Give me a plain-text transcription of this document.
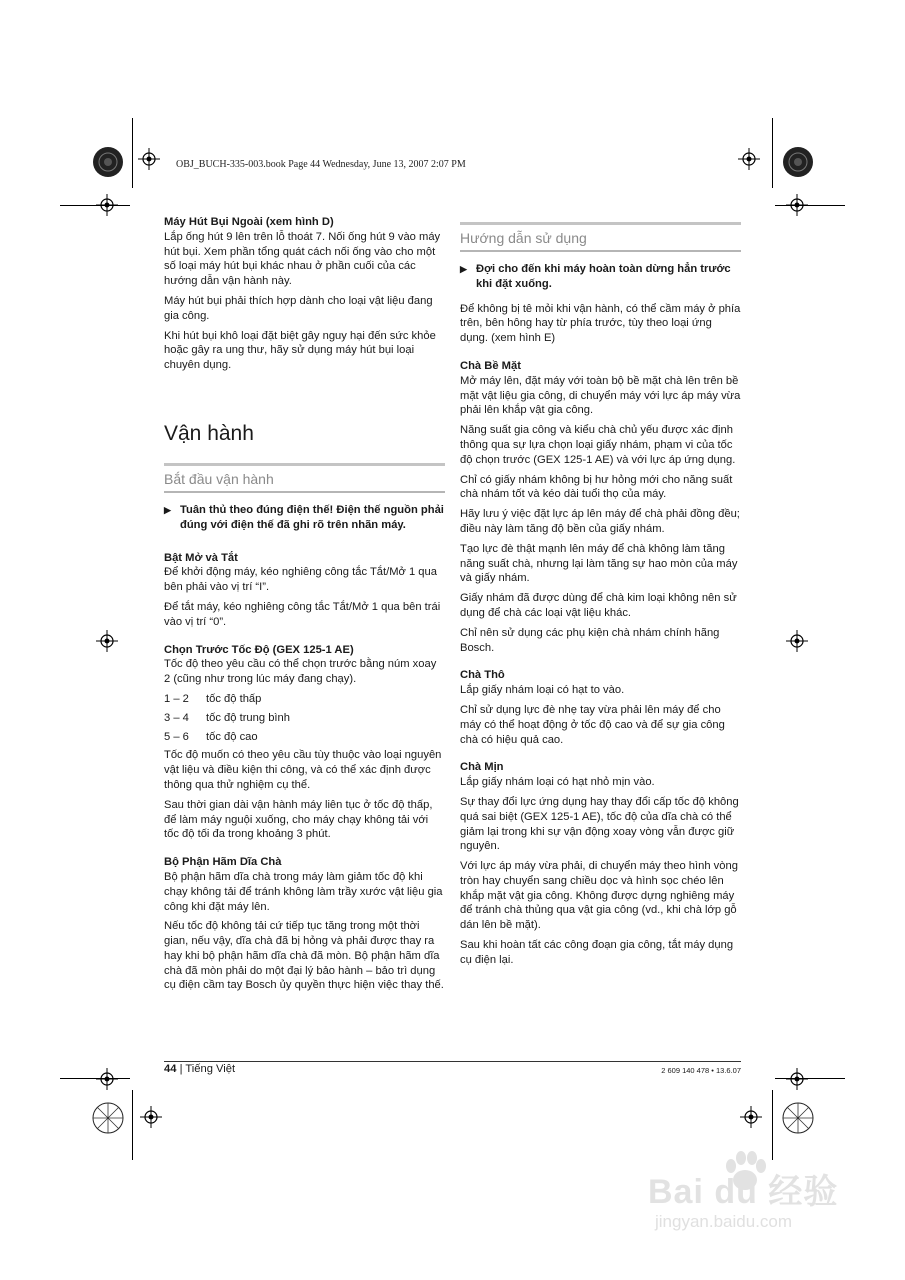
OBJ_BUCH-335-003.book Page 44 Wednesday, June 13, 2007 2:07 PM
Máy Hút Bụi Ngoài (xem hình D)

Lắp ống hút 9 lên trên lỗ thoát 7. Nối ống hút 9 vào máy hút bụi. Xem phần tổng quát cách nối ống vào cho một số loại máy hút bụi khác nhau ở phần cuối của các hướng dẫn vận hành này.

Máy hút bụi phải thích hợp dành cho loại vật liệu đang gia công.

Khi hút bụi khô loại đặt biệt gây nguy hại đến sức khỏe hoặc gây ra ung thư, hãy sử dụng máy hút bụi loại chuyên dụng.

Vận hành
Bắt đầu vận hành
▶ Tuân thủ theo đúng điện thế! Điện thế nguồn phải đúng với điện thế đã ghi rõ trên nhãn máy.
Bật Mở và Tắt

Để khởi động máy, kéo nghiêng công tắc Tắt/Mở 1 qua bên phải vào vị trí “I”.

Để tắt máy, kéo nghiêng công tắc Tắt/Mở 1 qua bên trái vào vị trí “0”.

Chọn Trước Tốc Độ (GEX 125-1 AE)

Tốc độ theo yêu cầu có thể chọn trước bằng núm xoay 2 (cũng như trong lúc máy đang chạy).

1 – 2	tốc độ thấp
3 – 4	tốc độ trung bình
5 – 6	tốc độ cao

Tốc độ muốn có theo yêu cầu tùy thuộc vào loại nguyên vật liệu và điều kiện thi công, và có thể xác định được thông qua thử nghiệm cụ thể.

Sau thời gian dài vận hành máy liên tục ở tốc độ thấp, để làm máy nguội xuống, cho máy chạy không tải với tốc độ tối đa trong khoảng 3 phút.

Bộ Phận Hãm Dĩa Chà

Bộ phận hãm dĩa chà trong máy làm giảm tốc độ khi chạy không tải để tránh không làm trầy xước vật liệu gia công khi đặt máy lên.

Nếu tốc độ không tải cứ tiếp tục tăng trong một thời gian, nếu vậy, dĩa chà đã bị hỏng và phải được thay ra hay khi bộ phận hãm dĩa chà đã mòn. Bộ phận hãm dĩa chà đã mòn phải do một đại lý bảo hành – bảo trì dụng cụ điện cầm tay Bosch ủy quyền thực hiện việc thay thế.

Hướng dẫn sử dụng
▶ Đợi cho đến khi máy hoàn toàn dừng hẳn trước khi đặt xuống.

Để không bị tê mỏi khi vận hành, có thể cầm máy ở phía trên, bên hông hay từ phía trước, tùy theo loại ứng dụng. (xem hình E)

Chà Bề Mặt

Mở máy lên, đặt máy với toàn bộ bề mặt chà lên trên bề mặt vật liệu gia công, di chuyển máy với lực áp máy vừa phải lên khắp vật gia công.

Năng suất gia công và kiểu chà chủ yếu được xác định thông qua sự lựa chọn loại giấy nhám, phạm vi của tốc độ chọn trước (GEX 125-1 AE) và với lực áp ứng dụng.

Chỉ có giấy nhám không bị hư hỏng mới cho năng suất chà nhám tốt và kéo dài tuổi thọ của máy.

Hãy lưu ý việc đặt lực áp lên máy để chà phải đồng đều; điều này làm tăng độ bền của giấy nhám.

Tạo lực đè thật mạnh lên máy để chà không làm tăng năng suất chà, nhưng lại làm tăng sự hao mòn của máy và giấy nhám.

Giấy nhám đã được dùng để chà kim loại không nên sử dụng để chà các loại vật liệu khác.

Chỉ nên sử dụng các phụ kiện chà nhám chính hãng Bosch.

Chà Thô

Lắp giấy nhám loại có hạt to vào.

Chỉ sử dụng lực đè nhẹ tay vừa phải lên máy để cho máy có thể hoạt động ở tốc độ cao và để sự gia công chà có hiệu quả cao.

Chà Mịn

Lắp giấy nhám loại có hạt nhỏ mịn vào.

Sự thay đổi lực ứng dụng hay thay đổi cấp tốc độ không quá sai biệt (GEX 125-1 AE), tốc độ của dĩa chà có thể giảm lại trong khi sự vận động xoay vòng vẫn được giữ nguyên.

Với lực áp máy vừa phải, di chuyển máy theo hình vòng tròn hay chuyển sang chiều dọc và hình sọc chéo lên khắp mặt vật gia công. Không được dựng nghiêng máy để tránh chà thủng qua vật gia công (vd., khi chà lớp gỗ dán lên bề mặt).

Sau khi hoàn tất các công đoạn gia công, tắt máy dụng cụ điện lại.

44 | Tiếng Việt	2 609 140 478 • 13.6.07
Bai du 经验
jingyan.baidu.com
